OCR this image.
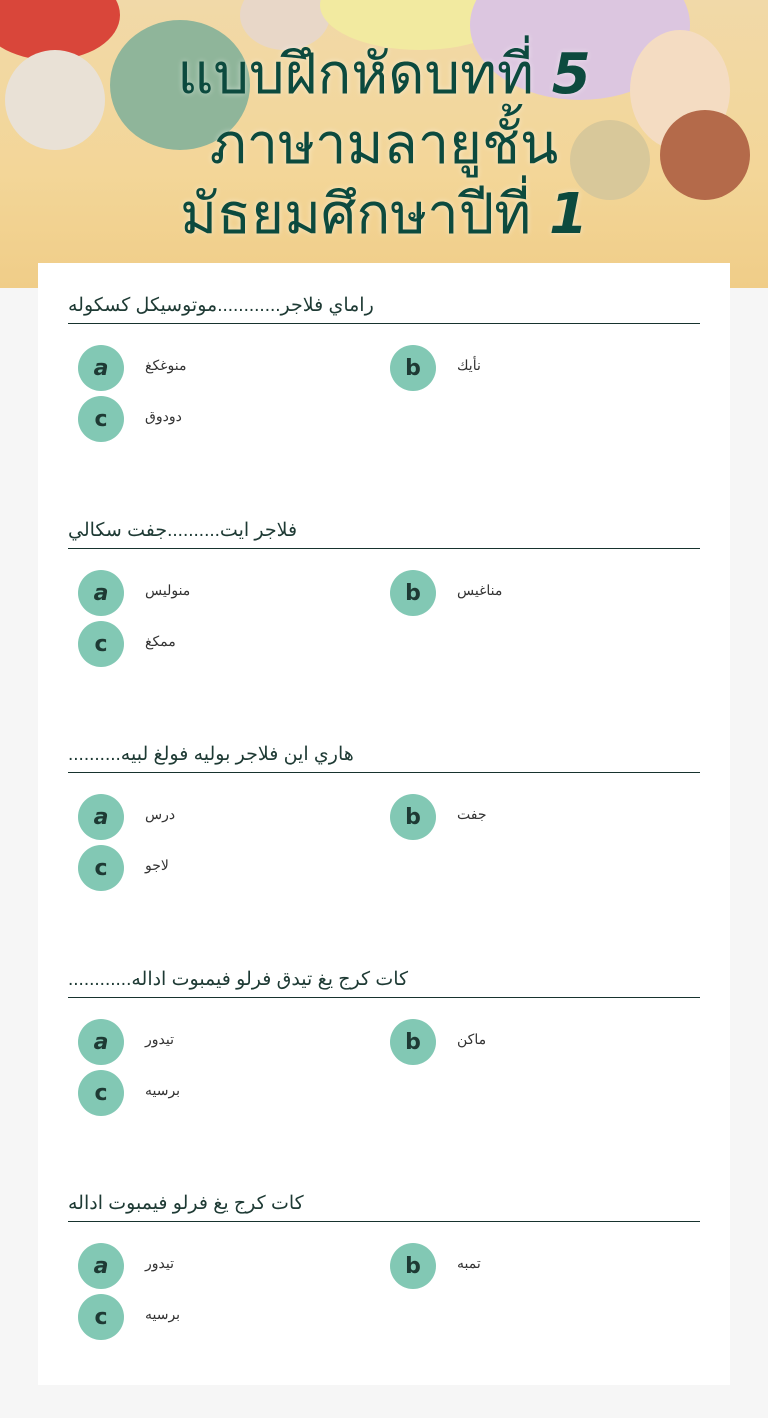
แบบฝึกหัดบทที่ 5
ภาษามลายูชั้น
มัธยมศึกษาปีที่ 1
راماي فلاجر............موتوسيكل كسكوله
a	منوغكغ	b	نأيك
c	دودوق
فلاجر ايت..........جفت سكالي
a	منوليس	b	مناغيس
c	ممكغ
هاري اين فلاجر بوليه فولغ لبيه..........
a	درس	b	جفت
c	لاجو
كات كرج يغ تيدق فرلو فيمبوت اداله............
a	تيدور	b	ماكن
c	برسيه
كات كرج يغ فرلو فيمبوت اداله
a	تيدور	b	تمبه
c	برسيه
